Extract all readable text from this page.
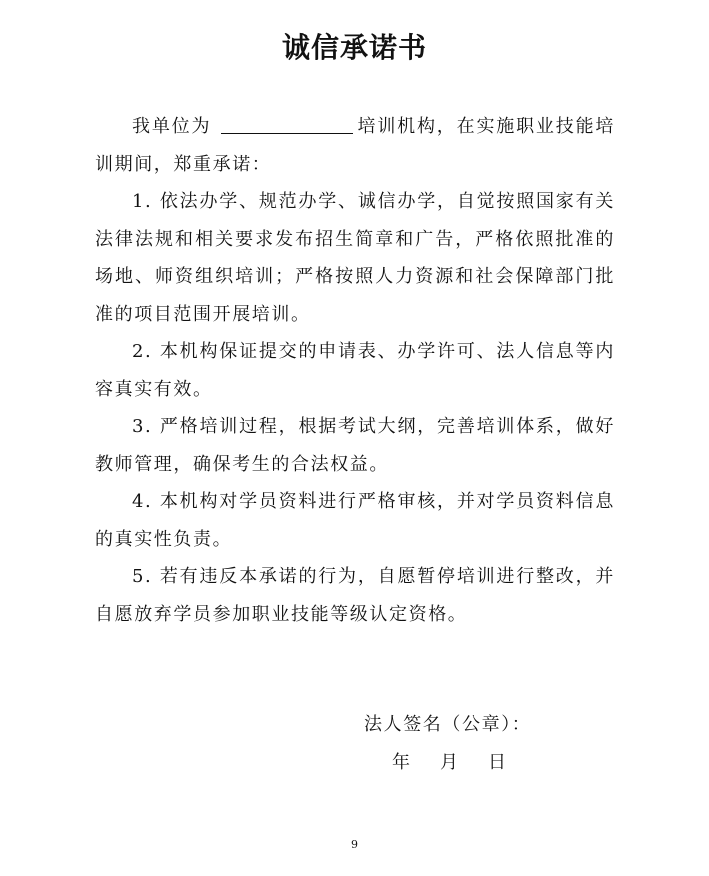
诚信承诺书

我单位为	培训机构，在实施职业技能培训期间，郑重承诺：

1. 依法办学、规范办学、诚信办学，自觉按照国家有关法律法规和相关要求发布招生简章和广告，严格依照批准的场地、师资组织培训；严格按照人力资源和社会保障部门批准的项目范围开展培训。

2. 本机构保证提交的申请表、办学许可、法人信息等内容真实有效。

3. 严格培训过程，根据考试大纲，完善培训体系，做好教师管理，确保考生的合法权益。

4. 本机构对学员资料进行严格审核，并对学员资料信息的真实性负责。

5. 若有违反本承诺的行为，自愿暂停培训进行整改，并自愿放弃学员参加职业技能等级认定资格。

法人签名（公章）：
年 月 日
9
